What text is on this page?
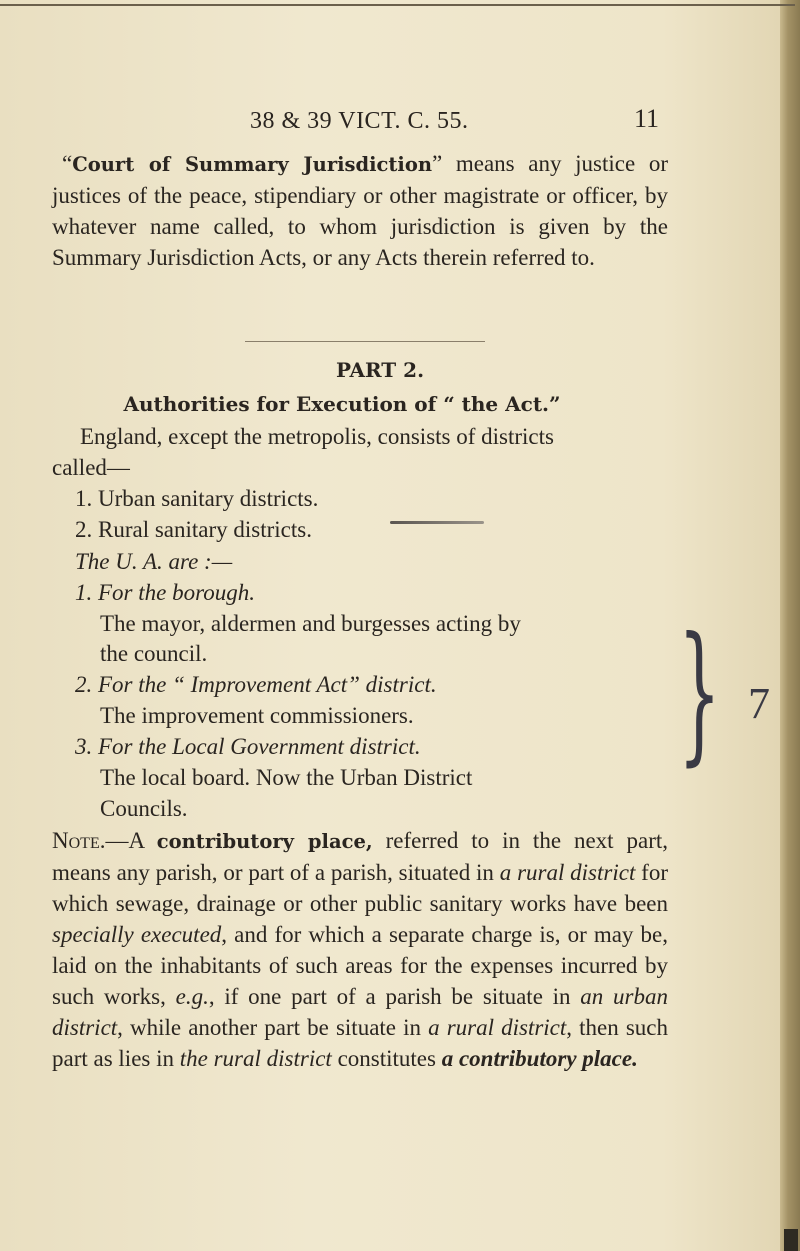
38 & 39 VICT. C. 55.	11
“Court of Summary Jurisdiction” means any justice or justices of the peace, stipendiary or other magistrate or officer, by whatever name called, to whom jurisdiction is given by the Summary Jurisdiction Acts, or any Acts therein referred to.
PART 2.
Authorities for Execution of “ the Act.”
England, except the metropolis, consists of districts
called—
1. Urban sanitary districts.
2. Rural sanitary districts.
The U. A. are :—
1. For the borough.
The mayor, aldermen and burgesses acting by
the council.
2. For the “ Improvement Act” district.
The improvement commissioners.
3. For the Local Government district.
The local board. Now the Urban District
Councils.
} 7
Note.—A contributory place, referred to in the next part, means any parish, or part of a parish, situated in a rural district for which sewage, drainage or other public sanitary works have been specially executed, and for which a separate charge is, or may be, laid on the inhabitants of such areas for the expenses incurred by such works, e.g., if one part of a parish be situate in an urban district, while another part be situate in a rural district, then such part as lies in the rural district constitutes a contributory place.
